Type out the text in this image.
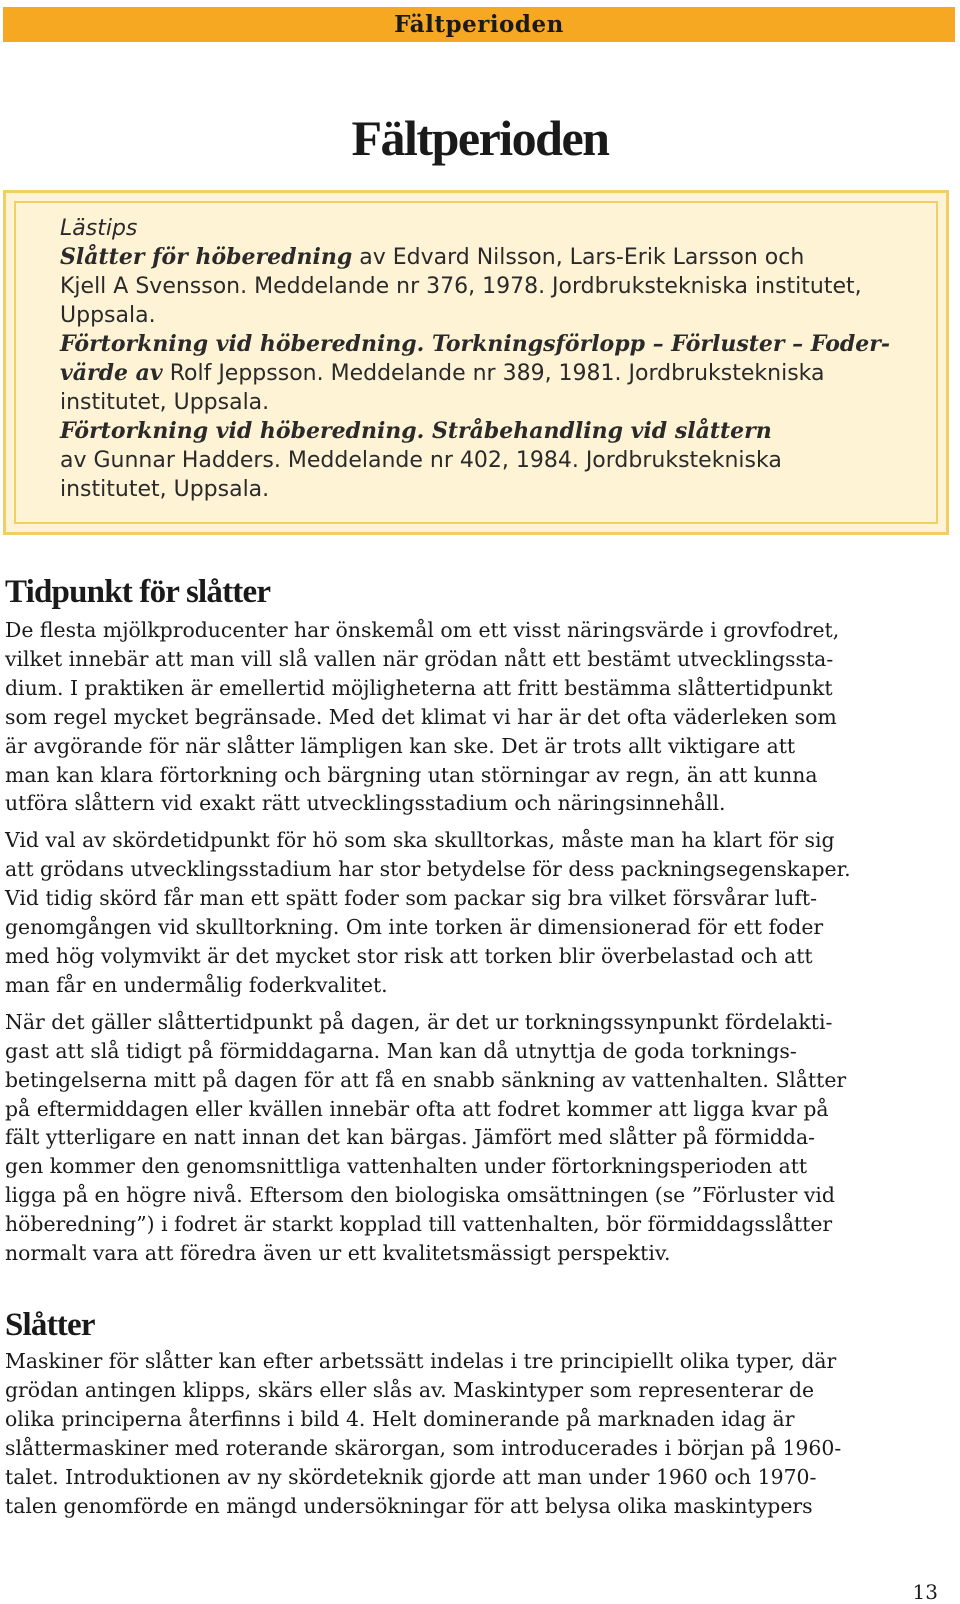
Fältperioden
Fältperioden
Lästips
Slåtter för höberedning av Edvard Nilsson, Lars-Erik Larsson och
Kjell A Svensson. Meddelande nr 376, 1978. Jordbrukstekniska institutet,
Uppsala.
Förtorkning vid höberedning. Torkningsförlopp – Förluster – Foder-
värde av Rolf Jeppsson. Meddelande nr 389, 1981. Jordbrukstekniska
institutet, Uppsala.
Förtorkning vid höberedning. Stråbehandling vid slåttern
av Gunnar Hadders. Meddelande nr 402, 1984. Jordbrukstekniska
institutet, Uppsala.
Tidpunkt för slåtter
De flesta mjölkproducenter har önskemål om ett visst näringsvärde i grovfodret,
vilket innebär att man vill slå vallen när grödan nått ett bestämt utvecklingssta-
dium. I praktiken är emellertid möjligheterna att fritt bestämma slåttertidpunkt
som regel mycket begränsade. Med det klimat vi har är det ofta väderleken som
är avgörande för när slåtter lämpligen kan ske. Det är trots allt viktigare att
man kan klara förtorkning och bärgning utan störningar av regn, än att kunna
utföra slåttern vid exakt rätt utvecklingsstadium och näringsinnehåll.
Vid val av skördetidpunkt för hö som ska skulltorkas, måste man ha klart för sig
att grödans utvecklingsstadium har stor betydelse för dess packningsegenskaper.
Vid tidig skörd får man ett spätt foder som packar sig bra vilket försvårar luft-
genomgången vid skulltorkning. Om inte torken är dimensionerad för ett foder
med hög volymvikt är det mycket stor risk att torken blir överbelastad och att
man får en undermålig foderkvalitet.
När det gäller slåttertidpunkt på dagen, är det ur torkningssynpunkt fördelakti-
gast att slå tidigt på förmiddagarna. Man kan då utnyttja de goda torknings-
betingelserna mitt på dagen för att få en snabb sänkning av vattenhalten. Slåtter
på eftermiddagen eller kvällen innebär ofta att fodret kommer att ligga kvar på
fält ytterligare en natt innan det kan bärgas. Jämfört med slåtter på förmidda-
gen kommer den genomsnittliga vattenhalten under förtorkningsperioden att
ligga på en högre nivå. Eftersom den biologiska omsättningen (se ”Förluster vid
höberedning”) i fodret är starkt kopplad till vattenhalten, bör förmiddagsslåtter
normalt vara att föredra även ur ett kvalitetsmässigt perspektiv.
Slåtter
Maskiner för slåtter kan efter arbetssätt indelas i tre principiellt olika typer, där
grödan antingen klipps, skärs eller slås av. Maskintyper som representerar de
olika principerna återfinns i bild 4. Helt dominerande på marknaden idag är
slåttermaskiner med roterande skärorgan, som introducerades i början på 1960-
talet. Introduktionen av ny skördeteknik gjorde att man under 1960 och 1970-
talen genomförde en mängd undersökningar för att belysa olika maskintypers
13
